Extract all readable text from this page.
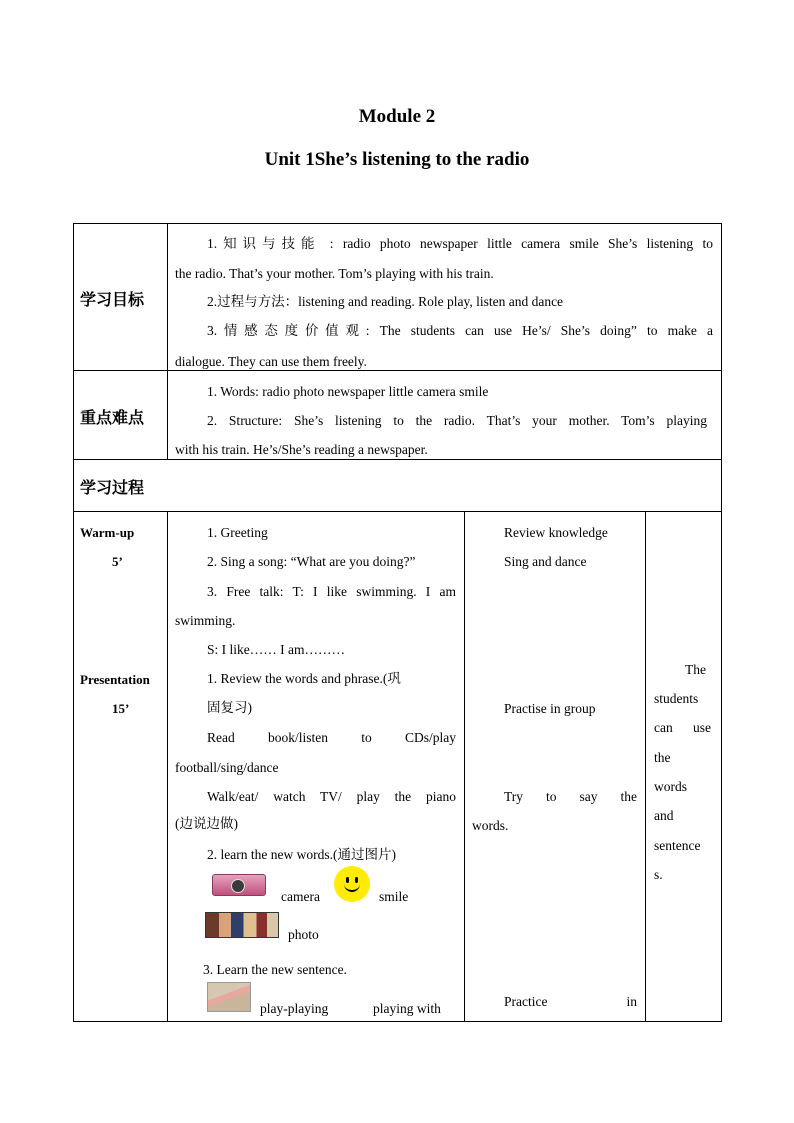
Module 2
Unit 1She’s listening to the radio
学习目标
1.知识与技能 : radio photo newspaper little camera smile She’s listening to
the radio. That’s your mother. Tom’s playing with his train.
2.过程与方法：listening and reading. Role play, listen and dance
3.情感态度价值观: The students can use He’s/ She’s doing” to make a
dialogue. They can use them freely.
重点难点
1. Words: radio photo newspaper little camera smile
2. Structure: She’s listening to the radio. That’s your mother. Tom’s playing
with his train. He’s/She’s reading a newspaper.
学习过程
Warm-up
5’
Presentation
15’
1. Greeting
2. Sing a song: “What are you doing?”
3. Free talk: T: I like swimming. I am
swimming.
S: I like…… I am………
1. Review the words and phrase.(巩
固复习)
Read book/listen to CDs/play
football/sing/dance
Walk/eat/ watch TV/ play the piano
(边说边做)
2. learn the new words.(通过图片)
camera	smile
photo
3. Learn the new sentence.
play-playing	playing with
Review knowledge
Sing and dance
Practise in group
Try to say the
words.
Practice in
The
students
can use
the
words
and
sentence
s.
